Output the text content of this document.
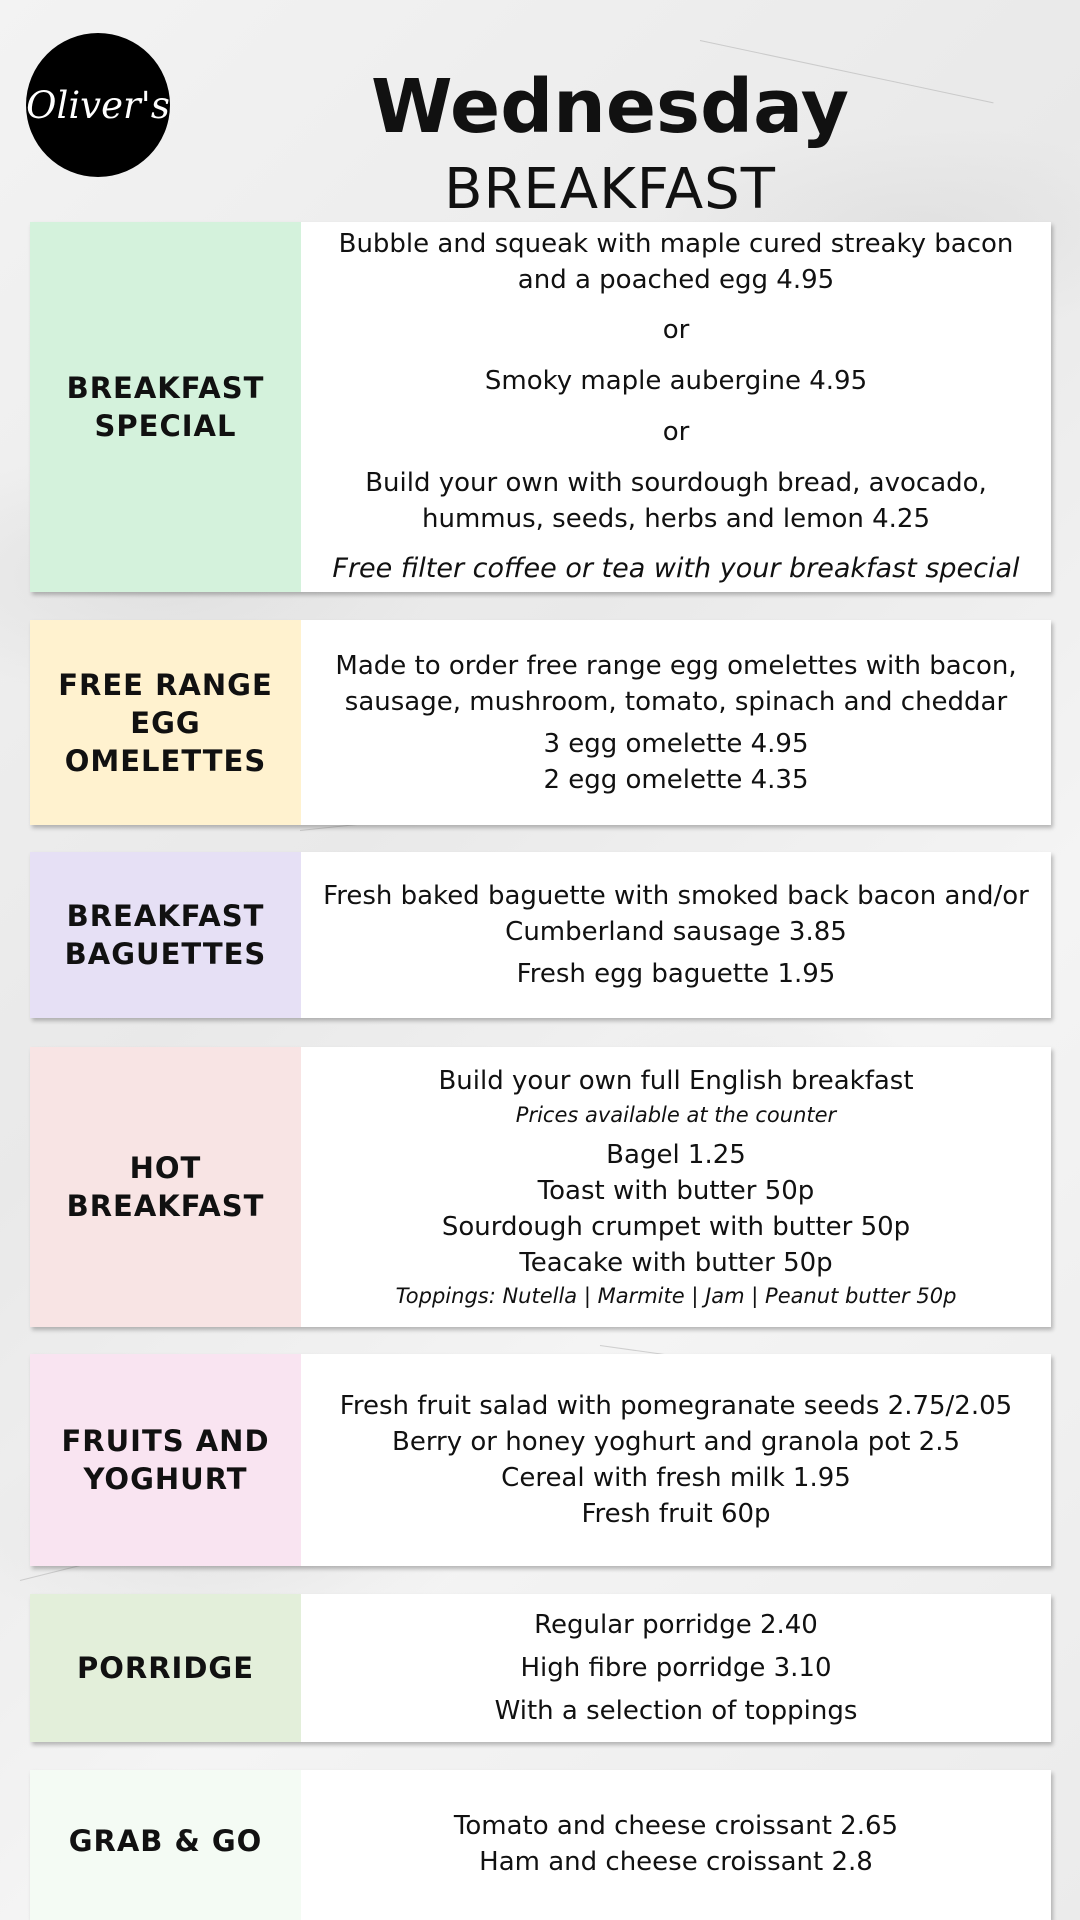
Oliver's	Wednesday
BREAKFAST
BREAKFAST
SPECIAL

Bubble and squeak with maple cured streaky bacon

and a poached egg 4.95

or

Smoky maple aubergine 4.95

or

Build your own with sourdough bread, avocado,

hummus, seeds, herbs and lemon 4.25

Free filter coffee or tea with your breakfast special

FREE RANGE
EGG
OMELETTES

Made to order free range egg omelettes with bacon,

sausage, mushroom, tomato, spinach and cheddar

3 egg omelette 4.95

2 egg omelette 4.35

BREAKFAST
BAGUETTES

Fresh baked baguette with smoked back bacon and/or

Cumberland sausage 3.85

Fresh egg baguette 1.95

HOT
BREAKFAST

Build your own full English breakfast

Prices available at the counter

Bagel 1.25

Toast with butter 50p

Sourdough crumpet with butter 50p

Teacake with butter 50p

Toppings: Nutella | Marmite | Jam | Peanut butter 50p

FRUITS AND
YOGHURT

Fresh fruit salad with pomegranate seeds 2.75/2.05

Berry or honey yoghurt and granola pot 2.5

Cereal with fresh milk 1.95

Fresh fruit 60p

PORRIDGE

Regular porridge 2.40

High fibre porridge 3.10

With a selection of toppings

GRAB & GO	Tomato and cheese croissant 2.65

Ham and cheese croissant 2.8
